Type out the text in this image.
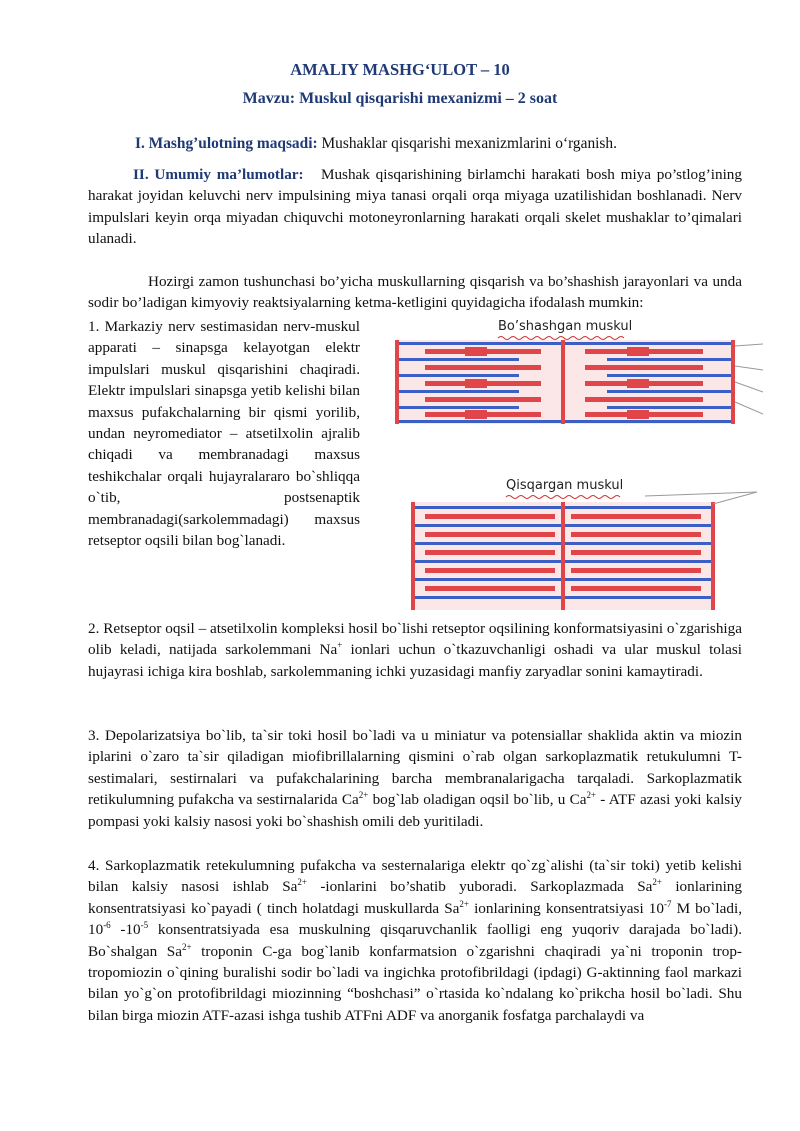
AMALIY MASHG‘ULOT – 10
Mavzu: Muskul qisqarishi mexanizmi – 2 soat
I. Mashg’ulotning maqsadi: Mushaklar qisqarishi mexanizmlarini o‘rganish.
II. Umumiy ma’lumotlar: Mushak qisqarishining birlamchi harakati bosh miya po’stlog’ining harakat joyidan keluvchi nerv impulsining miya tanasi orqali orqa miyaga uzatilishidan boshlanadi. Nerv impulslari keyin orqa miyadan chiquvchi motoneyronlarning harakati orqali skelet mushaklar to’qimalari ulanadi.
Hozirgi zamon tushunchasi bo’yicha muskullarning qisqarish va bo’shashish jarayonlari va unda sodir bo’ladigan kimyoviy reaktsiyalarning ketma-ketligini quyidagicha ifodalash mumkin:
1. Markaziy nerv sestimasidan nerv-muskul apparati – sinapsga kelayotgan elektr impulslari muskul qisqarishini chaqiradi. Elektr impulslari sinapsga yetib kelishi bilan maxsus pufakchalarning bir qismi yorilib, undan neyromediator – atsetilxolin ajralib chiqadi va membranadagi maxsus teshikchalar orqali hujayralararo bo`shliqqa o`tib, postsenaptik membranadagi(sarkolemmadagi) maxsus retseptor oqsili bilan bog`lanadi.
Bo’shashgan muskul
Qisqargan muskul
2. Retseptor oqsil – atsetilxolin kompleksi hosil bo`lishi retseptor oqsilining konformatsiyasini o`zgarishiga olib keladi, natijada sarkolemmani Na+ ionlari uchun o`tkazuvchanligi oshadi va ular muskul tolasi hujayrasi ichiga kira boshlab, sarkolemmaning ichki yuzasidagi manfiy zaryadlar sonini kamaytiradi.
3. Depolarizatsiya bo`lib, ta`sir toki hosil bo`ladi va u miniatur va potensiallar shaklida aktin va miozin iplarini o`zaro ta`sir qiladigan miofibrillalarning qismini o`rab olgan sarkoplazmatik retukulumni T-sestimalari, sestirnalari va pufakchalarining barcha membranalarigacha tarqaladi. Sarkoplazmatik retikulumning pufakcha va sestirnalarida $Ca^{2+}$ bog`lab oladigan oqsil bo`lib, u $Ca^{2+}$ - ATF azasi yoki kalsiy pompasi yoki kalsiy nasosi yoki bo`shashish omili deb yuritiladi.
4. Sarkoplazmatik retekulumning pufakcha va sesternalariga elektr qo`zg`alishi (ta`sir toki) yetib kelishi bilan kalsiy nasosi ishlab $Sa^{2+}$ -ionlarini bo’shatib yuboradi. Sarkoplazmada $Sa^{2+}$ ionlarining konsentratsiyasi ko`payadi ( tinch holatdagi muskullarda $Sa^{2+}$ ionlarining konsentratsiyasi $10^{-7}$ M bo`ladi, $10^{-6}$ $-10^{-5}$ konsentratsiyada esa muskulning qisqaruvchanlik faolligi eng yuqoriv darajada bo`ladi). Bo`shalgan $Sa^{2+}$ troponin C-ga bog`lanib konfarmatsion o`zgarishni chaqiradi ya`ni troponin trop-tropomiozin o`qining buralishi sodir bo`ladi va ingichka protofibrildagi (ipdagi) G-aktinning faol markazi bilan yo`g`on protofibrildagi miozinning “boshchasi” o`rtasida ko`ndalang ko`prikcha hosil bo`ladi. Shu bilan birga miozin ATF-azasi ishga tushib ATFni ADF va anorganik fosfatga parchalaydi va
